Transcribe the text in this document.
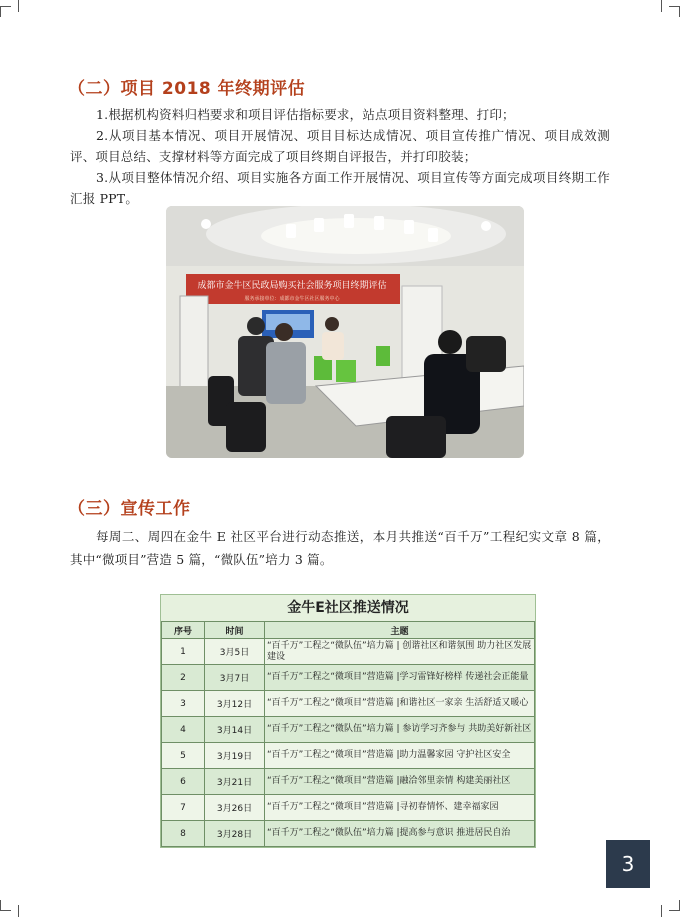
（二）项目 2018 年终期评估

1.根据机构资料归档要求和项目评估指标要求，站点项目资料整理、打印；

2.从项目基本情况、项目开展情况、项目目标达成情况、项目宣传推广情况、项目成效测评、项目总结、支撑材料等方面完成了项目终期自评报告，并打印胶装；

3.从项目整体情况介绍、项目实施各方面工作开展情况、项目宣传等方面完成项目终期工作汇报 PPT。

成都市金牛区民政局购买社会服务项目终期评估
服务承接单位：成都市金牛区社区服务中心
（三）宣传工作

每周二、周四在金牛 E 社区平台进行动态推送，本月共推送“百千万”工程纪实文章 8 篇，其中“微项目”营造 5 篇，“微队伍”培力 3 篇。

金牛E社区推送情况
序号	时间	主题
1	3月5日	“百千万”工程之“微队伍”培力篇 | 创谐社区和谐氛围 助力社区发展建设
2	3月7日	“百千万”工程之“微项目”营造篇 |学习雷锋好榜样 传递社会正能量
3	3月12日	“百千万”工程之“微项目”营造篇 |和谐社区一家亲 生活舒适又暖心
4	3月14日	“百千万”工程之“微队伍”培力篇 | 参访学习齐参与 共助美好新社区
5	3月19日	“百千万”工程之“微项目”营造篇 |助力温馨家园 守护社区安全
6	3月21日	“百千万”工程之“微项目”营造篇 |融洽邻里亲情 构建美丽社区
7	3月26日	“百千万”工程之“微项目”营造篇 |寻初春情怀、建幸福家园
8	3月28日	“百千万”工程之“微队伍”培力篇 |提高参与意识 推进居民自治
3
